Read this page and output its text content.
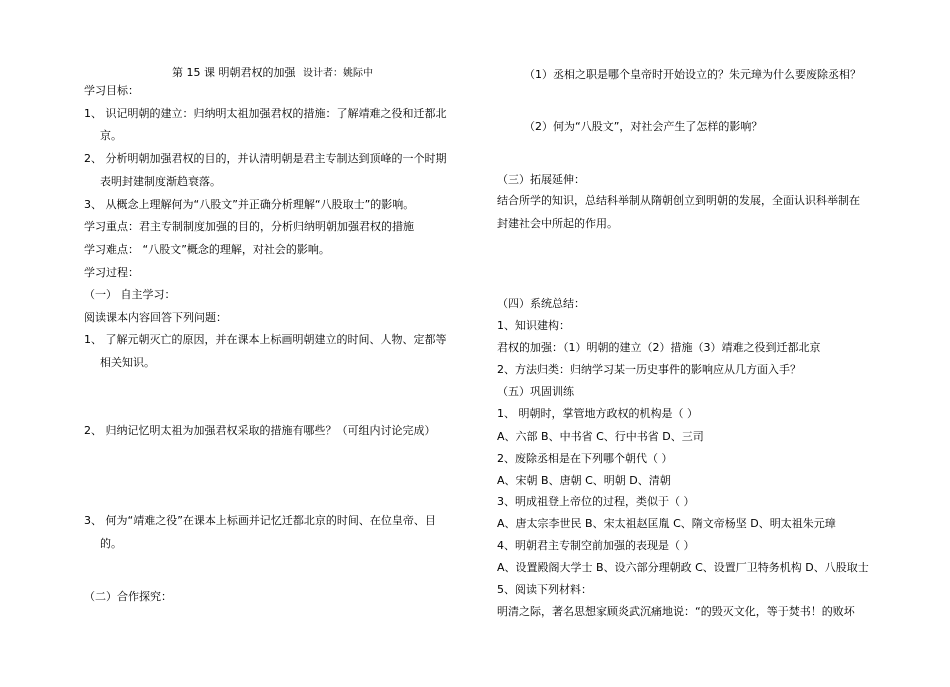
第 15 课 明朝君权的加强 设计者：姚际中
学习目标：
1、 识记明朝的建立：归纳明太祖加强君权的措施：了解靖难之役和迁都北
京。
2、 分析明朝加强君权的目的，并认清明朝是君主专制达到顶峰的一个时期
表明封建制度渐趋衰落。
3、 从概念上理解何为“八股文”并正确分析理解“八股取士”的影响。
学习重点：君主专制制度加强的目的，分析归纳明朝加强君权的措施
学习难点： “八股文”概念的理解，对社会的影响。
学习过程：
（一） 自主学习：
阅读课本内容回答下列问题：
1、 了解元朝灭亡的原因，并在课本上标画明朝建立的时间、人物、定都等
相关知识。
2、 归纳记忆明太祖为加强君权采取的措施有哪些？（可组内讨论完成）
3、 何为“靖难之役”在课本上标画并记忆迁都北京的时间、在位皇帝、目
的。
（二）合作探究：
（1）丞相之职是哪个皇帝时开始设立的？朱元璋为什么要废除丞相？
（2）何为“八股文”，对社会产生了怎样的影响？
（三）拓展延伸：
结合所学的知识，总结科举制从隋朝创立到明朝的发展，全面认识科举制在
封建社会中所起的作用。
（四）系统总结：
1、知识建构：
君权的加强：（1）明朝的建立（2）措施（3）靖难之役到迁都北京
2、方法归类：归纳学习某一历史事件的影响应从几方面入手？
（五）巩固训练
1、 明朝时，掌管地方政权的机构是（ ）
A、六部 B、中书省 C、行中书省 D、三司
2、废除丞相是在下列哪个朝代（ ）
A、宋朝 B、唐朝 C、明朝 D、清朝
3、明成祖登上帝位的过程，类似于（ ）
A、唐太宗李世民 B、宋太祖赵匡胤 C、隋文帝杨坚 D、明太祖朱元璋
4、明朝君主专制空前加强的表现是（ ）
A、设置殿阁大学士 B、设六部分理朝政 C、设置厂卫特务机构 D、八股取士
5、阅读下列材料：
明清之际，著名思想家顾炎武沉痛地说：“的毁灭文化，等于焚书！的败坏
